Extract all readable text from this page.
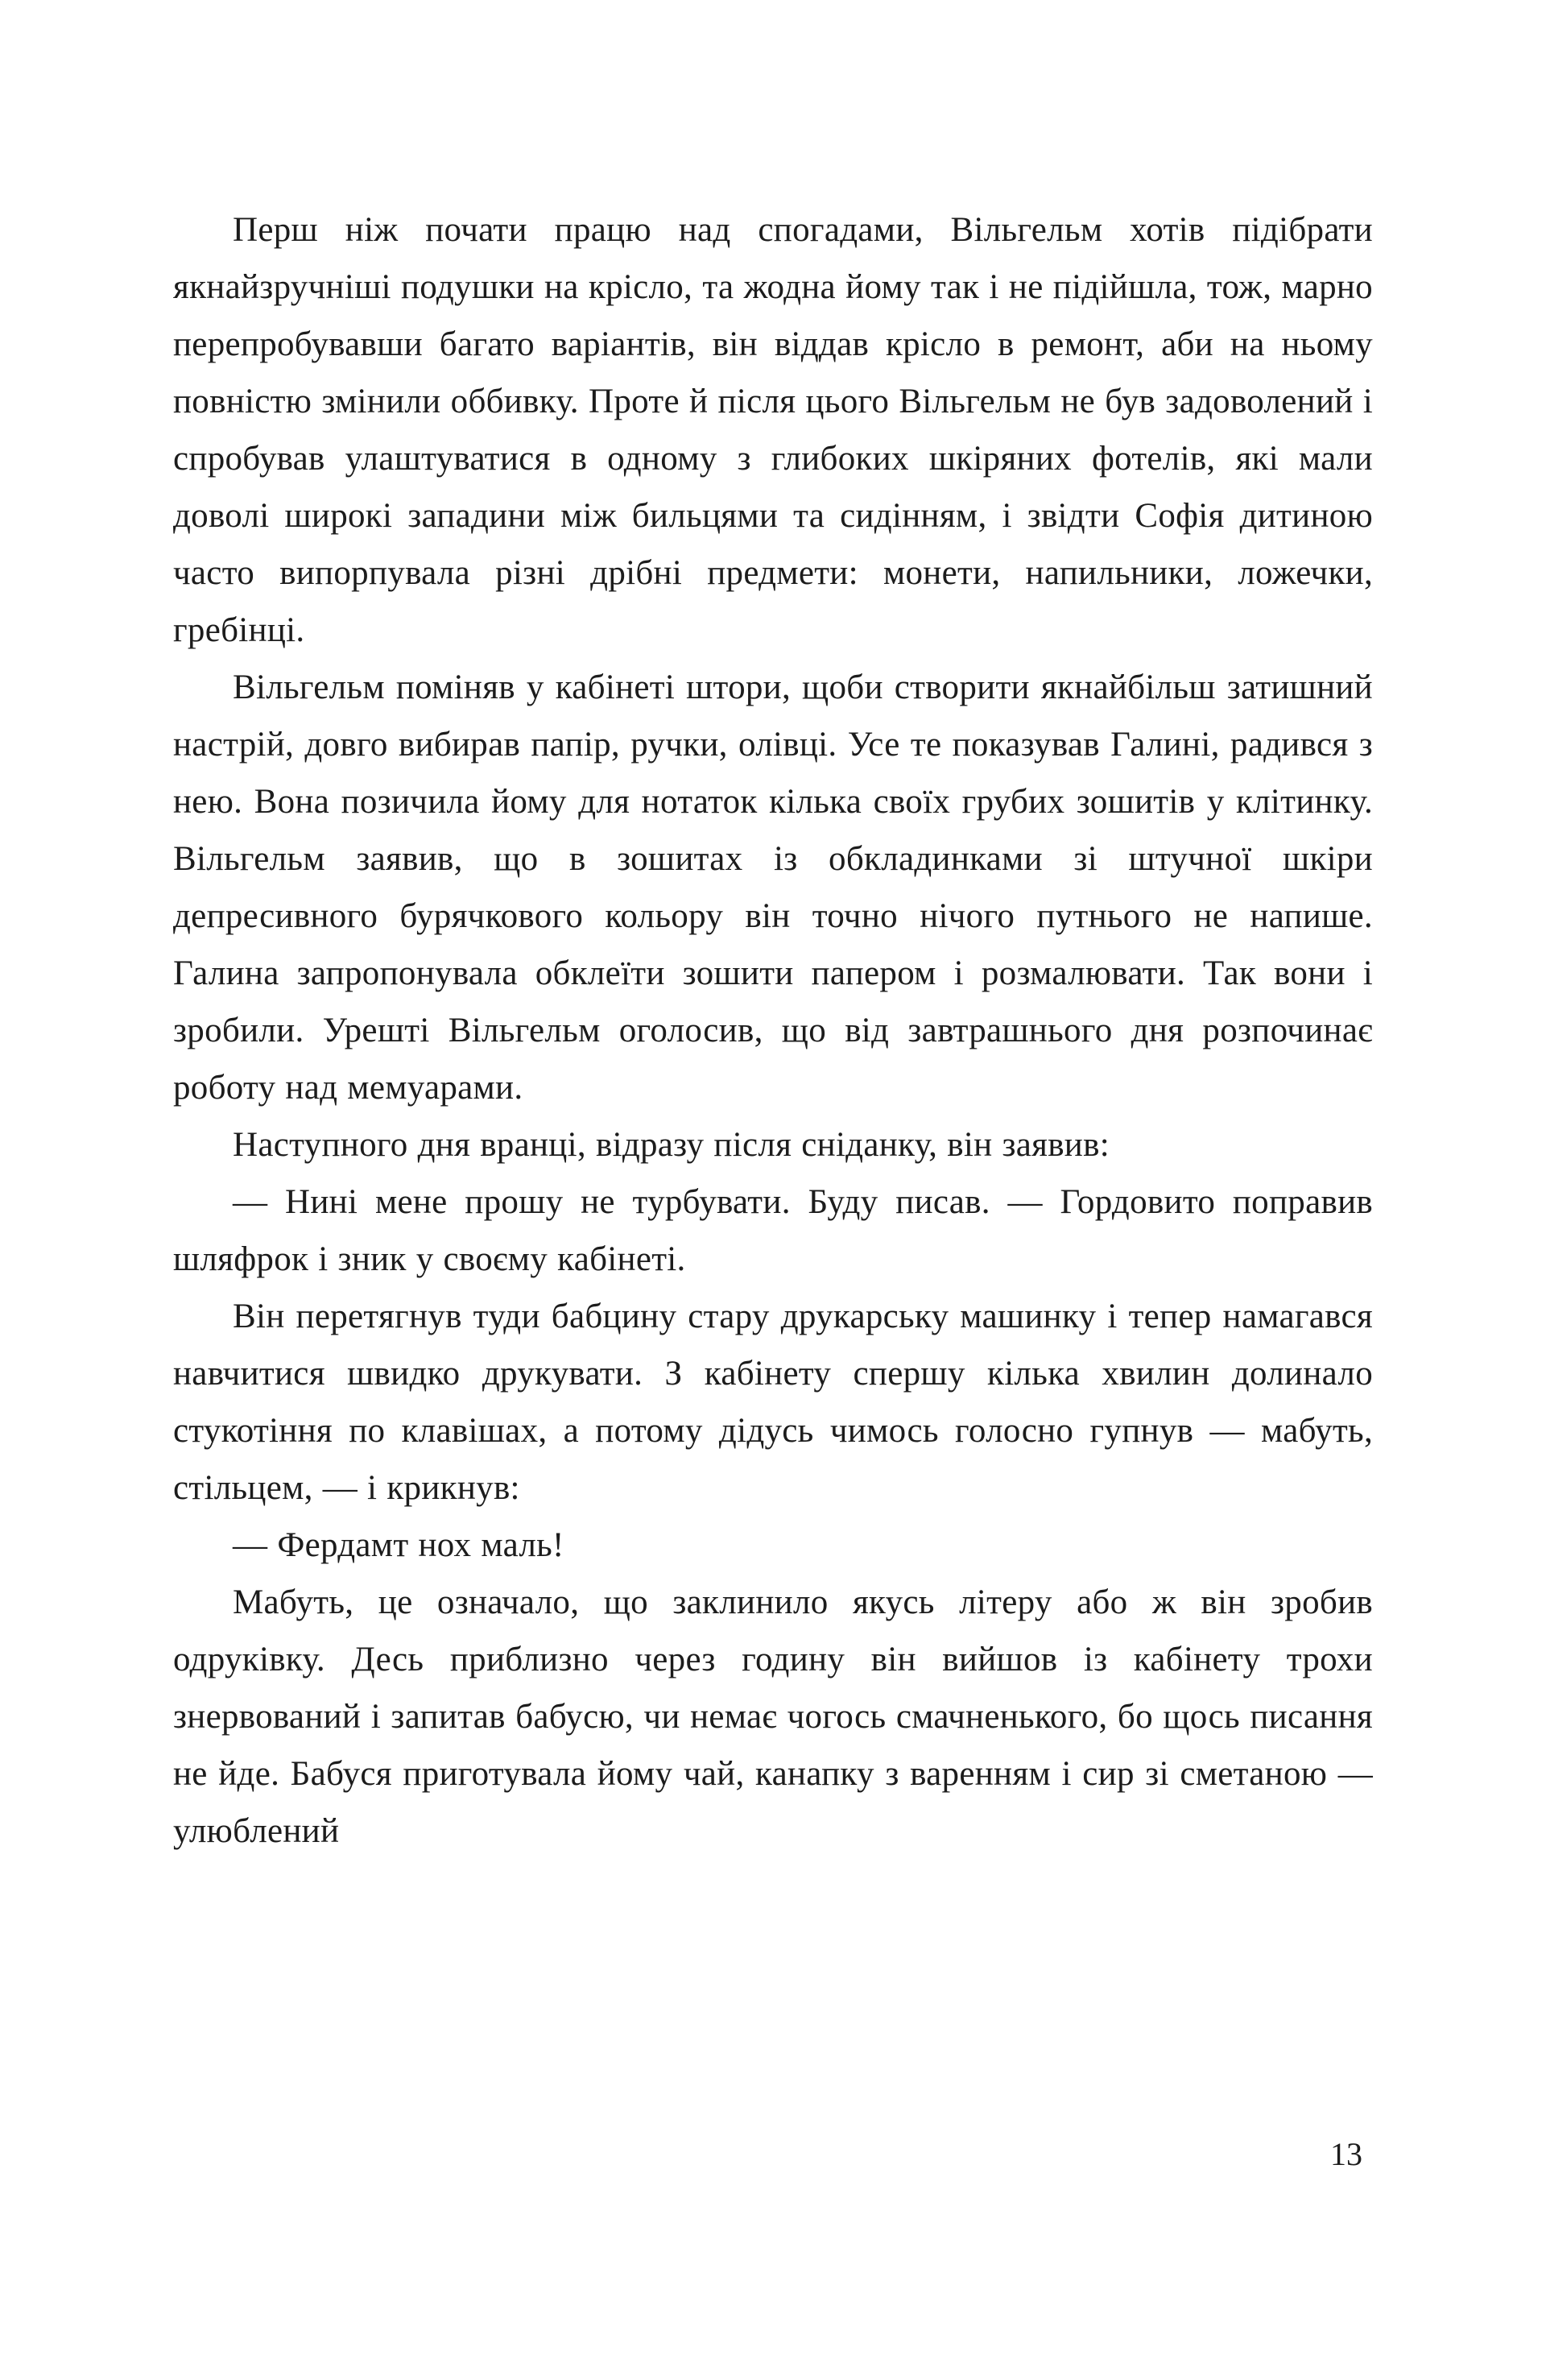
Перш ніж почати працю над спогадами, Вільгельм хотів підібрати якнайзручніші подушки на крісло, та жодна йому так і не підійшла, тож, марно перепробувавши багато варіантів, він віддав крісло в ремонт, аби на ньому повністю змінили оббивку. Проте й після цього Вільгельм не був задоволений і спробував улаштуватися в одному з глибоких шкіряних фотелів, які мали доволі широкі западини між бильцями та сидінням, і звідти Софія дитиною часто випорпувала різні дрібні предмети: монети, напильники, ложечки, гребінці.

Вільгельм поміняв у кабінеті штори, щоби створити якнайбільш затишний настрій, довго вибирав папір, ручки, олівці. Усе те показував Галині, радився з нею. Вона позичила йому для нотаток кілька своїх грубих зошитів у клітинку. Вільгельм заявив, що в зошитах із обкладинками зі штучної шкіри депресивного бурячкового кольору він точно нічого путнього не напише. Галина запропонувала обклеїти зошити папером і розмалювати. Так вони і зробили. Урешті Вільгельм оголосив, що від завтрашнього дня розпочинає роботу над мемуарами.

Наступного дня вранці, відразу після сніданку, він заявив:

— Нині мене прошу не турбувати. Буду писав. — Гордовито поправив шляфрок і зник у своєму кабінеті.

Він перетягнув туди бабцину стару друкарську машинку і тепер намагався навчитися швидко друкувати. З кабінету спершу кілька хвилин долинало стукотіння по клавішах, а потому дідусь чимось голосно гупнув — мабуть, стільцем, — і крикнув:

— Фердамт нох маль!

Мабуть, це означало, що заклинило якусь літеру або ж він зробив одруківку. Десь приблизно через годину він вийшов із кабінету трохи знервований і запитав бабусю, чи немає чогось смачненького, бо щось писання не йде. Бабуся приготувала йому чай, канапку з варенням і сир зі сметаною — улюблений

13
